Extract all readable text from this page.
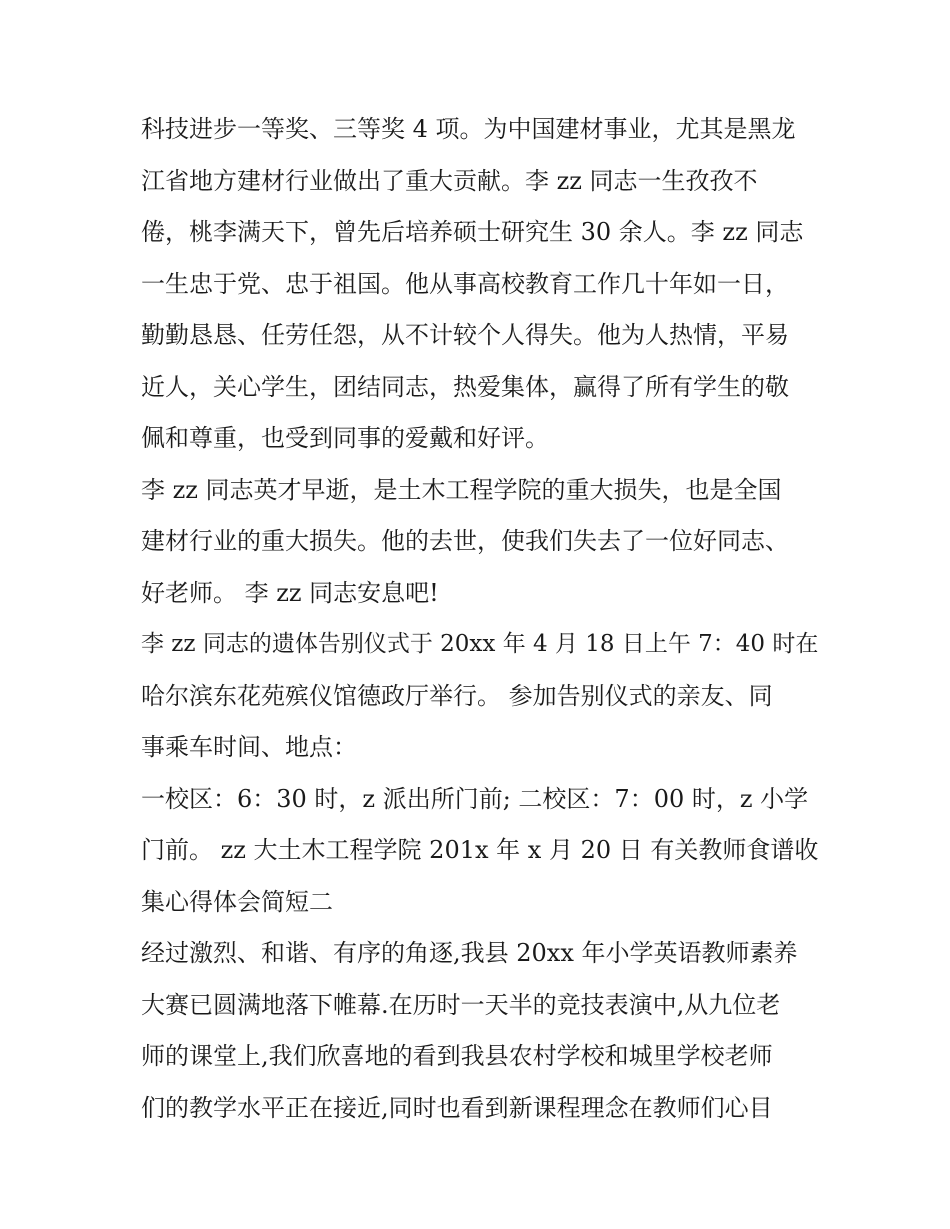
科技进步一等奖、三等奖 4 项。为中国建材事业，尤其是黑龙
江省地方建材行业做出了重大贡献。李 zz 同志一生孜孜不
倦，桃李满天下，曾先后培养硕士研究生 30 余人。李 zz 同志
一生忠于党、忠于祖国。他从事高校教育工作几十年如一日，
勤勤恳恳、任劳任怨，从不计较个人得失。他为人热情，平易
近人，关心学生，团结同志，热爱集体，赢得了所有学生的敬
佩和尊重，也受到同事的爱戴和好评。
李 zz 同志英才早逝，是土木工程学院的重大损失，也是全国
建材行业的重大损失。他的去世，使我们失去了一位好同志、
好老师。 李 zz 同志安息吧!
李 zz 同志的遗体告别仪式于 20xx 年 4 月 18 日上午 7：40 时在
哈尔滨东花苑殡仪馆德政厅举行。 参加告别仪式的亲友、同
事乘车时间、地点：
一校区：6：30 时，z 派出所门前; 二校区：7：00 时，z 小学
门前。 zz 大土木工程学院 201x 年 x 月 20 日 有关教师食谱收
集心得体会简短二
经过激烈、和谐、有序的角逐,我县 20xx 年小学英语教师素养
大赛已圆满地落下帷幕.在历时一天半的竞技表演中,从九位老
师的课堂上,我们欣喜地的看到我县农村学校和城里学校老师
们的教学水平正在接近,同时也看到新课程理念在教师们心目
